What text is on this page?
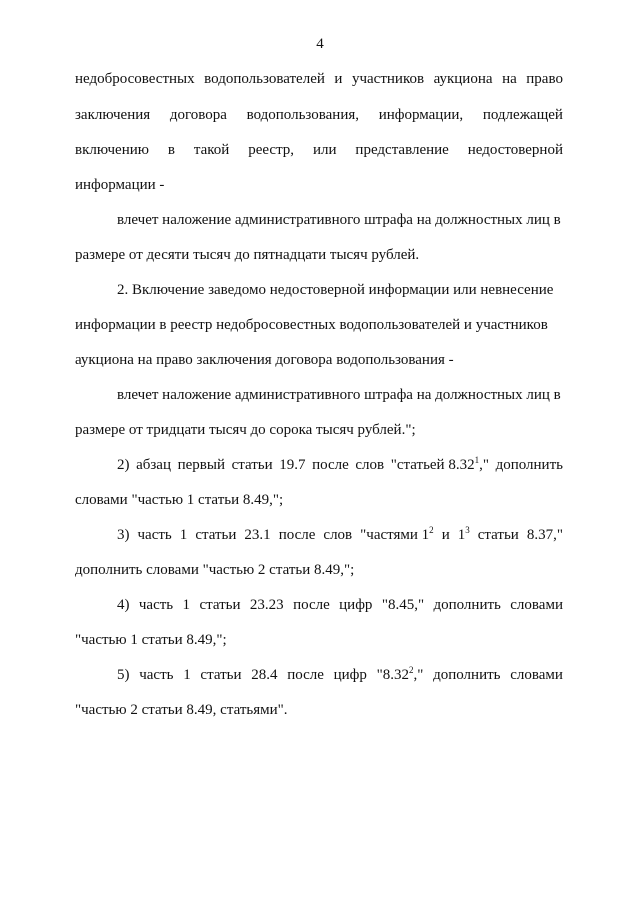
4
недобросовестных водопользователей и участников аукциона на право
заключения договора водопользования, информации, подлежащей
включению в такой реестр, или представление недостоверной
информации -
влечет наложение административного штрафа на должностных лиц в
размере от десяти тысяч до пятнадцати тысяч рублей.
2. Включение заведомо недостоверной информации или невнесение
информации в реестр недобросовестных водопользователей и участников
аукциона на право заключения договора водопользования -
влечет наложение административного штрафа на должностных лиц в
размере от тридцати тысяч до сорока тысяч рублей.";
2) абзац первый статьи 19.7 после слов "статьей 8.32$^1$," дополнить
словами "частью 1 статьи 8.49,";
3) часть 1 статьи 23.1 после слов "частями $1^2$ и $1^3$ статьи 8.37,"
дополнить словами "частью 2 статьи 8.49,";
4) часть 1 статьи 23.23 после цифр "8.45," дополнить словами
"частью 1 статьи 8.49,";
5) часть 1 статьи 28.4 после цифр "8.32$^2$," дополнить словами
"частью 2 статьи 8.49, статьями".
